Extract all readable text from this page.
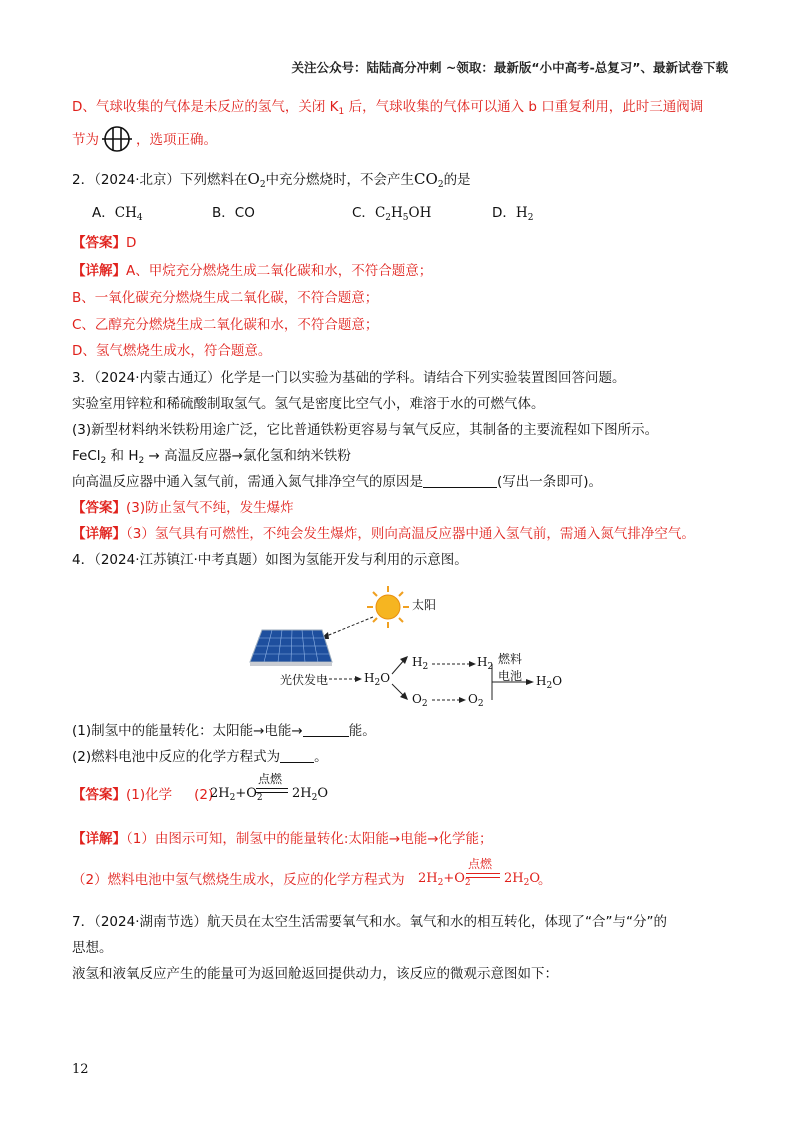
关注公众号：陆陆高分冲刺 ~领取：最新版“小中高考-总复习”、最新试卷下载
D、气球收集的气体是未反应的氢气，关闭 $K_1$ 后，气球收集的气体可以通入 b 口重复利用，此时三通阀调
节为	，选项正确。
2．（2024·北京）下列燃料在$O_2$中充分燃烧时，不会产生$CO_2$的是
A．$CH_4$	B．CO	C．$C_2H_5OH$	D．$H_2$
【答案】D
【详解】A、甲烷充分燃烧生成二氧化碳和水，不符合题意；
B、一氧化碳充分燃烧生成二氧化碳，不符合题意；
C、乙醇充分燃烧生成二氧化碳和水，不符合题意；
D、氢气燃烧生成水，符合题意。
3．（2024·内蒙古通辽）化学是一门以实验为基础的学科。请结合下列实验装置图回答问题。
实验室用锌粒和稀硫酸制取氢气。氢气是密度比空气小，难溶于水的可燃气体。
(3)新型材料纳米铁粉用途广泛，它比普通铁粉更容易与氧气反应，其制备的主要流程如下图所示。
FeCl$_2$ 和 $H_2$ → 高温反应器→氯化氢和纳米铁粉
向高温反应器中通入氢气前，需通入氮气排净空气的原因是	(写出一条即可)。
【答案】(3)防止氢气不纯，发生爆炸
【详解】（3）氢气具有可燃性，不纯会发生爆炸，则向高温反应器中通入氢气前，需通入氮气排净空气。
4．（2024·江苏镇江·中考真题）如图为氢能开发与利用的示意图。
太阳
光伏发电	$H_2O$
$H_2$	$H_2$
$O_2$	$O_2$
燃料
电池 $H_2O$
(1)制氢中的能量转化：太阳能→电能→	能。
(2)燃料电池中反应的化学方程式为	。
【答案】(1)化学 (2)
$2H_2+O_2$
点燃
$2H_2O$
【详解】（1）由图示可知，制氢中的能量转化:太阳能→电能→化学能；
（2）燃料电池中氢气燃烧生成水，反应的化学方程式为 $2H_2+O_2$
点燃
$2H_2O$
。
7．（2024·湖南节选）航天员在太空生活需要氧气和水。氧气和水的相互转化，体现了“合”与“分”的
思想。
液氢和液氧反应产生的能量可为返回舱返回提供动力，该反应的微观示意图如下：
12
